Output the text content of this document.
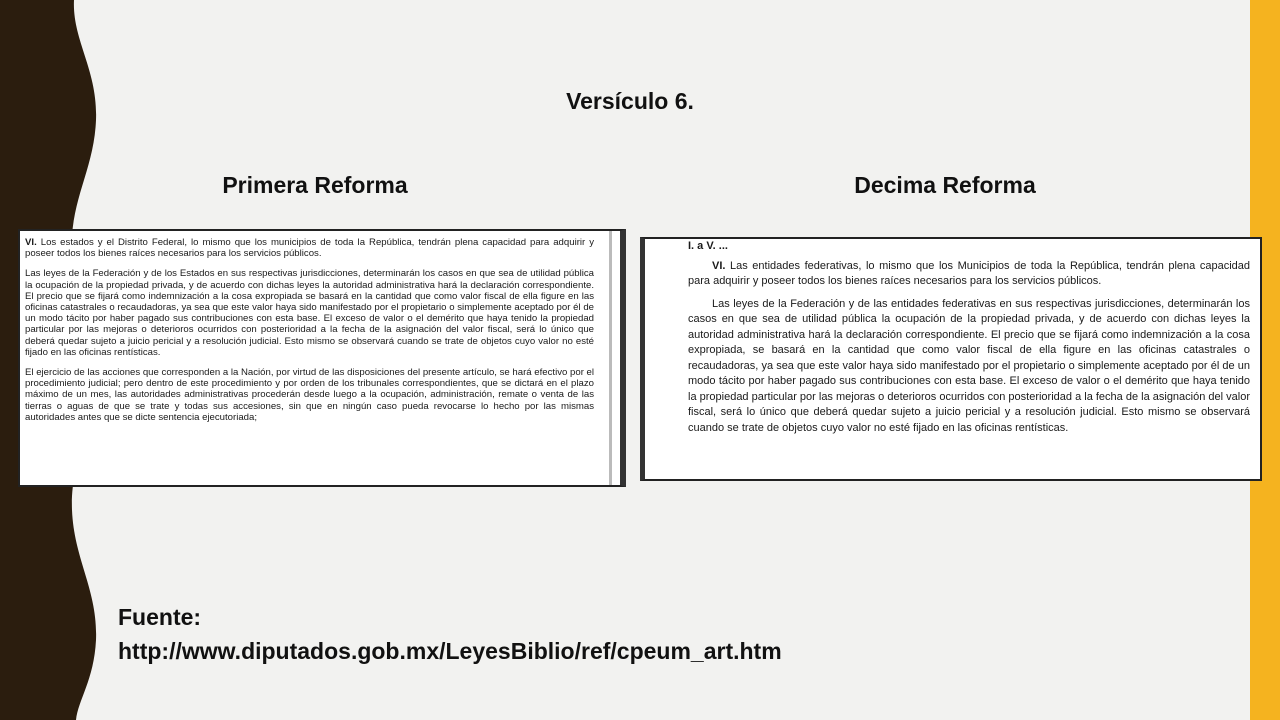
Versículo 6.
Primera Reforma	Decima Reforma

VI. Los estados y el Distrito Federal, lo mismo que los municipios de toda la República, tendrán plena capacidad para adquirir y poseer todos los bienes raíces necesarios para los servicios públicos.

Las leyes de la Federación y de los Estados en sus respectivas jurisdicciones, determinarán los casos en que sea de utilidad pública la ocupación de la propiedad privada, y de acuerdo con dichas leyes la autoridad administrativa hará la declaración correspondiente. El precio que se fijará como indemnización a la cosa expropiada se basará en la cantidad que como valor fiscal de ella figure en las oficinas catastrales o recaudadoras, ya sea que este valor haya sido manifestado por el propietario o simplemente aceptado por él de un modo tácito por haber pagado sus contribuciones con esta base. El exceso de valor o el demérito que haya tenido la propiedad particular por las mejoras o deterioros ocurridos con posterioridad a la fecha de la asignación del valor fiscal, será lo único que deberá quedar sujeto a juicio pericial y a resolución judicial. Esto mismo se observará cuando se trate de objetos cuyo valor no esté fijado en las oficinas rentísticas.

El ejercicio de las acciones que corresponden a la Nación, por virtud de las disposiciones del presente artículo, se hará efectivo por el procedimiento judicial; pero dentro de este procedimiento y por orden de los tribunales correspondientes, que se dictará en el plazo máximo de un mes, las autoridades administrativas procederán desde luego a la ocupación, administración, remate o venta de las tierras o aguas de que se trate y todas sus accesiones, sin que en ningún caso pueda revocarse lo hecho por las mismas autoridades antes que se dicte sentencia ejecutoriada;

I. a V. ...

VI. Las entidades federativas, lo mismo que los Municipios de toda la República, tendrán plena capacidad para adquirir y poseer todos los bienes raíces necesarios para los servicios públicos.

Las leyes de la Federación y de las entidades federativas en sus respectivas jurisdicciones, determinarán los casos en que sea de utilidad pública la ocupación de la propiedad privada, y de acuerdo con dichas leyes la autoridad administrativa hará la declaración correspondiente. El precio que se fijará como indemnización a la cosa expropiada, se basará en la cantidad que como valor fiscal de ella figure en las oficinas catastrales o recaudadoras, ya sea que este valor haya sido manifestado por el propietario o simplemente aceptado por él de un modo tácito por haber pagado sus contribuciones con esta base. El exceso de valor o el demérito que haya tenido la propiedad particular por las mejoras o deterioros ocurridos con posterioridad a la fecha de la asignación del valor fiscal, será lo único que deberá quedar sujeto a juicio pericial y a resolución judicial. Esto mismo se observará cuando se trate de objetos cuyo valor no esté fijado en las oficinas rentísticas.

Fuente:
http://www.diputados.gob.mx/LeyesBiblio/ref/cpeum_art.htm
